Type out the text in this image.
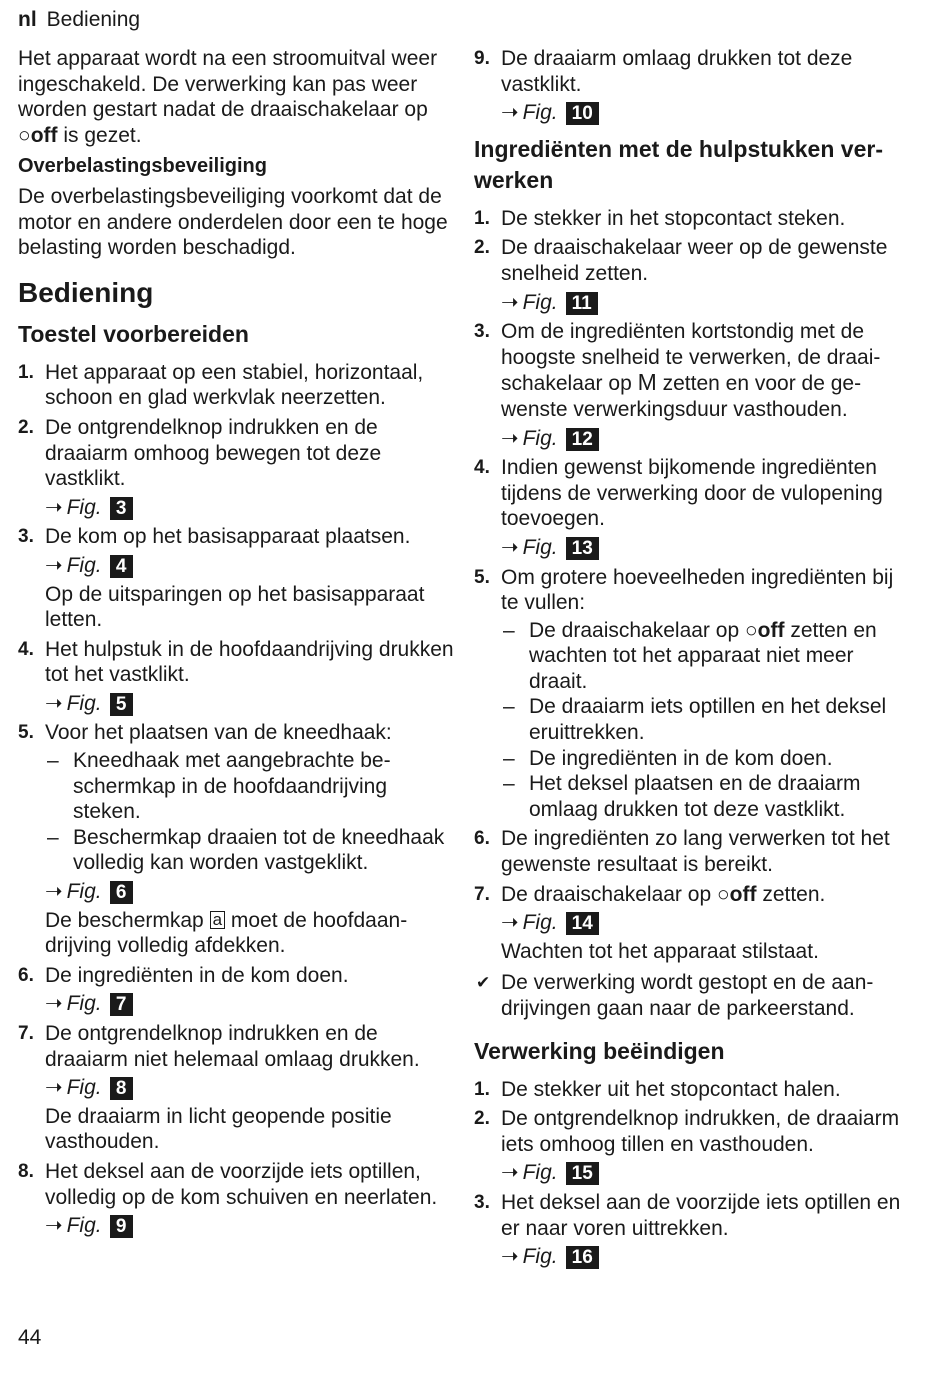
nl Bediening

Het apparaat wordt na een stroomuitval weer ingeschakeld. De verwerking kan pas weer worden gestart nadat de draaischakelaar op ○off is gezet.

Overbelastingsbeveiliging

De overbelastingsbeveiliging voorkomt dat de motor en andere onderdelen door een te hoge belasting worden beschadigd.

Bediening
Toestel voorbereiden
1. Het apparaat op een stabiel, horizontaal, schoon en glad werkvlak neerzetten.
2. De ontgrendelknop indrukken en de draaiarm omhoog bewegen tot deze vastklikt.
➝ Fig. 3
3. De kom op het basisapparaat plaatsen.
➝ Fig. 4
Op de uitsparingen op het basisapparaat letten.
4. Het hulpstuk in de hoofdaandrijving drukken tot het vastklikt.
➝ Fig. 5
5. Voor het plaatsen van de kneedhaak:
– Kneedhaak met aangebrachte beschermkap in de hoofdaandrijving steken.
– Beschermkap draaien tot de kneedhaak volledig kan worden vastgeklikt.
➝ Fig. 6
De beschermkap a moet de hoofdaandrijving volledig afdekken.
6. De ingrediënten in de kom doen.
➝ Fig. 7
7. De ontgrendelknop indrukken en de draaiarm niet helemaal omlaag drukken.
➝ Fig. 8
De draaiarm in licht geopende positie vasthouden.
8. Het deksel aan de voorzijde iets optillen, volledig op de kom schuiven en neerlaten.
➝ Fig. 9
9. De draaiarm omlaag drukken tot deze vastklikt.
➝ Fig. 10
Ingrediënten met de hulpstukken verwerken
1. De stekker in het stopcontact steken.
2. De draaischakelaar weer op de gewenste snelheid zetten.
➝ Fig. 11
3. Om de ingrediënten kortstondig met de hoogste snelheid te verwerken, de draaischakelaar op M zetten en voor de gewenste verwerkingsduur vasthouden.
➝ Fig. 12
4. Indien gewenst bijkomende ingrediënten tijdens de verwerking door de vulopening toevoegen.
➝ Fig. 13
5. Om grotere hoeveelheden ingrediënten bij te vullen:
– De draaischakelaar op ○off zetten en wachten tot het apparaat niet meer draait.
– De draaiarm iets optillen en het deksel eruittrekken.
– De ingrediënten in de kom doen.
– Het deksel plaatsen en de draaiarm omlaag drukken tot deze vastklikt.
6. De ingrediënten zo lang verwerken tot het gewenste resultaat is bereikt.
7. De draaischakelaar op ○off zetten.
➝ Fig. 14
Wachten tot het apparaat stilstaat.
✔ De verwerking wordt gestopt en de aandrijvingen gaan naar de parkeerstand.
Verwerking beëindigen
1. De stekker uit het stopcontact halen.
2. De ontgrendelknop indrukken, de draaiarm iets omhoog tillen en vasthouden.
➝ Fig. 15
3. Het deksel aan de voorzijde iets optillen en er naar voren uittrekken.
➝ Fig. 16
44
